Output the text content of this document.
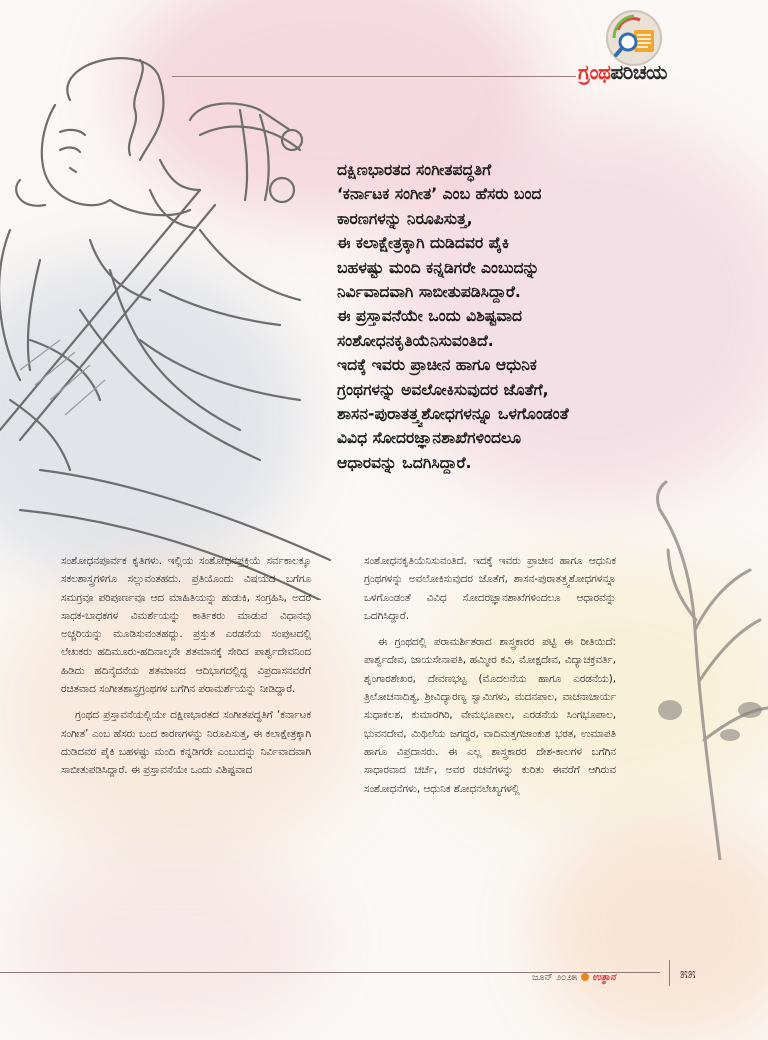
ಗ್ರಂಥಪರಿಚಯ
ದಕ್ಷಿಣಭಾರತದ ಸಂಗೀತಪದ್ಧತಿಗೆ
‘ಕರ್ನಾಟಕ ಸಂಗೀತ’ ಎಂಬ ಹೆಸರು ಬಂದ
ಕಾರಣಗಳನ್ನು ನಿರೂಪಿಸುತ್ತ,
ಈ ಕಲಾಕ್ಷೇತ್ರಕ್ಕಾಗಿ ದುಡಿದವರ ಪೈಕಿ
ಬಹಳಷ್ಟು ಮಂದಿ ಕನ್ನಡಿಗರೇ ಎಂಬುದನ್ನು
ನಿರ್ವಿವಾದವಾಗಿ ಸಾಬೀತುಪಡಿಸಿದ್ದಾರೆ.
ಈ ಪ್ರಸ್ತಾವನೆಯೇ ಒಂದು ವಿಶಿಷ್ಟವಾದ
ಸಂಶೋಧನಕೃತಿಯೆನಿಸುವಂತಿದೆ.
ಇದಕ್ಕೆ ಇವರು ಪ್ರಾಚೀನ ಹಾಗೂ ಆಧುನಿಕ
ಗ್ರಂಥಗಳನ್ನು ಅವಲೋಕಿಸುವುದರ ಜೊತೆಗೆ,
ಶಾಸನ-ಪುರಾತತ್ತ್ವಶೋಧಗಳನ್ನೂ ಒಳಗೊಂಡಂತೆ
ವಿವಿಧ ಸೋದರಜ್ಞಾನಶಾಖೆಗಳಿಂದಲೂ
ಆಧಾರವನ್ನು ಒದಗಿಸಿದ್ದಾರೆ.

ಸಂಶೋಧನಪೂರ್ವಕ ಕೃತಿಗಳು. ಇಲ್ಲಿಯ ಸಂಶೋಧನಪ್ರಕ್ರಿಯೆ ಸರ್ವಕಾಲಕ್ಕೂ ಸಕಲಶಾಸ್ತ್ರಗಳಿಗೂ ಸಲ್ಲುವಂತಹದು. ಪ್ರತಿಯೊಂದು ವಿಷಯದ ಬಗೆಗೂ ಸಮಗ್ರವೂ ಪರಿಪೂರ್ಣವೂ ಆದ ಮಾಹಿತಿಯನ್ನು ಹುಡುಕಿ, ಸಂಗ್ರಹಿಸಿ, ಅದರ ಸಾಧಕ-ಬಾಧಕಗಳ ವಿಮರ್ಶೆಯನ್ನು ಕಾರ್ತಿಕರು ಮಾಡುವ ವಿಧಾನವು ಅಚ್ಚರಿಯನ್ನು ಮೂಡಿಸುವಂತಹದ್ದು. ಪ್ರಸ್ತುತ ಎರಡನೆಯ ಸಂಪುಟದಲ್ಲಿ ಲೇಖಕರು ಹದಿಮೂರು-ಹದಿನಾಲ್ಕನೇ ಶತಮಾನಕ್ಕೆ ಸೇರಿದ ಪಾರ್ಶ್ವದೇವನಿಂದ ಹಿಡಿದು ಹದಿನೈದನೆಯ ಶತಮಾನದ ಆದಿಭಾಗದಲ್ಲಿದ್ದ ವಿಪ್ರದಾಸನವರೆಗೆ ರಚಿತವಾದ ಸಂಗೀತಶಾಸ್ತ್ರಗ್ರಂಥಗಳ ಬಗೆಗಿನ ಪರಾಮರ್ಶೆಯನ್ನು ನೀಡಿದ್ದಾರೆ.

ಗ್ರಂಥದ ಪ್ರಸ್ತಾವನೆಯಲ್ಲಿಯೇ ದಕ್ಷಿಣಭಾರತದ ಸಂಗೀತಪದ್ಧತಿಗೆ ‘ಕರ್ನಾಟಕ ಸಂಗೀತ’ ಎಂಬ ಹೆಸರು ಬಂದ ಕಾರಣಗಳನ್ನು ನಿರೂಪಿಸುತ್ತ, ಈ ಕಲಾಕ್ಷೇತ್ರಕ್ಕಾಗಿ ದುಡಿದವರ ಪೈಕಿ ಬಹಳಷ್ಟು ಮಂದಿ ಕನ್ನಡಿಗರೇ ಎಂಬುದನ್ನು ನಿರ್ವಿವಾದವಾಗಿ ಸಾಬೀತುಪಡಿಸಿದ್ದಾರೆ. ಈ ಪ್ರಸ್ತಾವನೆಯೇ ಒಂದು ವಿಶಿಷ್ಟವಾದ

ಸಂಶೋಧನಕೃತಿಯೆನಿಸುವಂತಿದೆ. ಇದಕ್ಕೆ ಇವರು ಪ್ರಾಚೀನ ಹಾಗೂ ಆಧುನಿಕ ಗ್ರಂಥಗಳನ್ನು ಅವಲೋಕಿಸುವುದರ ಜೊತೆಗೆ, ಶಾಸನ-ಪುರಾತತ್ತ್ವಶೋಧಗಳನ್ನೂ ಒಳಗೊಂಡಂತೆ ವಿವಿಧ ಸೋದರಜ್ಞಾನಶಾಖೆಗಳಿಂದಲೂ ಆಧಾರವನ್ನು ಒದಗಿಸಿದ್ದಾರೆ.

ಈ ಗ್ರಂಥದಲ್ಲಿ ಪರಾಮರ್ಶಿತರಾದ ಶಾಸ್ತ್ರಕಾರರ ಪಟ್ಟಿ ಈ ರೀತಿಯಿದೆ: ಪಾರ್ಶ್ವದೇವ, ಜಾಯಸೇನಾಪತಿ, ಹಮ್ಮೀರ ಕವಿ, ಮೋಕ್ಷದೇವ, ವಿದ್ಯಾಚಕ್ರವರ್ತಿ, ಶೃಂಗಾರಶೇಖರ, ದೇವಣಭಟ್ಟ (ಮೊದಲನೆಯ ಹಾಗೂ ಎರಡನೆಯ), ತ್ರಿಲೋಚನಾದಿತ್ಯ, ಶ್ರೀವಿದ್ಯಾರಣ್ಯ ಸ್ವಾಮಿಗಳು, ಮದನಪಾಲ, ವಾಚನಾಚಾರ್ಯ ಸುಧಾಕಲಶ, ಕುಮಾರಗಿರಿ, ವೇಮಭೂಪಾಲ, ಎರಡನೆಯ ಸಿಂಗಭೂಪಾಲ, ಭುವನದೇವ, ಮಿಥಿಲೆಯ ಜಗದ್ಧರ, ವಾದಿಮತ್ತಗಜಾಂಕುಶ ಭರತ, ಉಮಾಪತಿ ಹಾಗೂ ವಿಪ್ರದಾಸರು. ಈ ಎಲ್ಲ ಶಾಸ್ತ್ರಕಾರರ ದೇಶ-ಕಾಲಗಳ ಬಗೆಗಿನ ಸಾಧಾರವಾದ ಚರ್ಚೆ, ಅವರ ರಚನೆಗಳನ್ನು ಕುರಿತು ಈವರೆಗೆ ಆಗಿರುವ ಸಂಶೋಧನೆಗಳು, ಆಧುನಿಕ ಶೋಧನಲೇಖ್ಯಗಳಲ್ಲಿ

ಜೂನ್ ೨೦೨೫ ಉತ್ಥಾನ	೫೫
